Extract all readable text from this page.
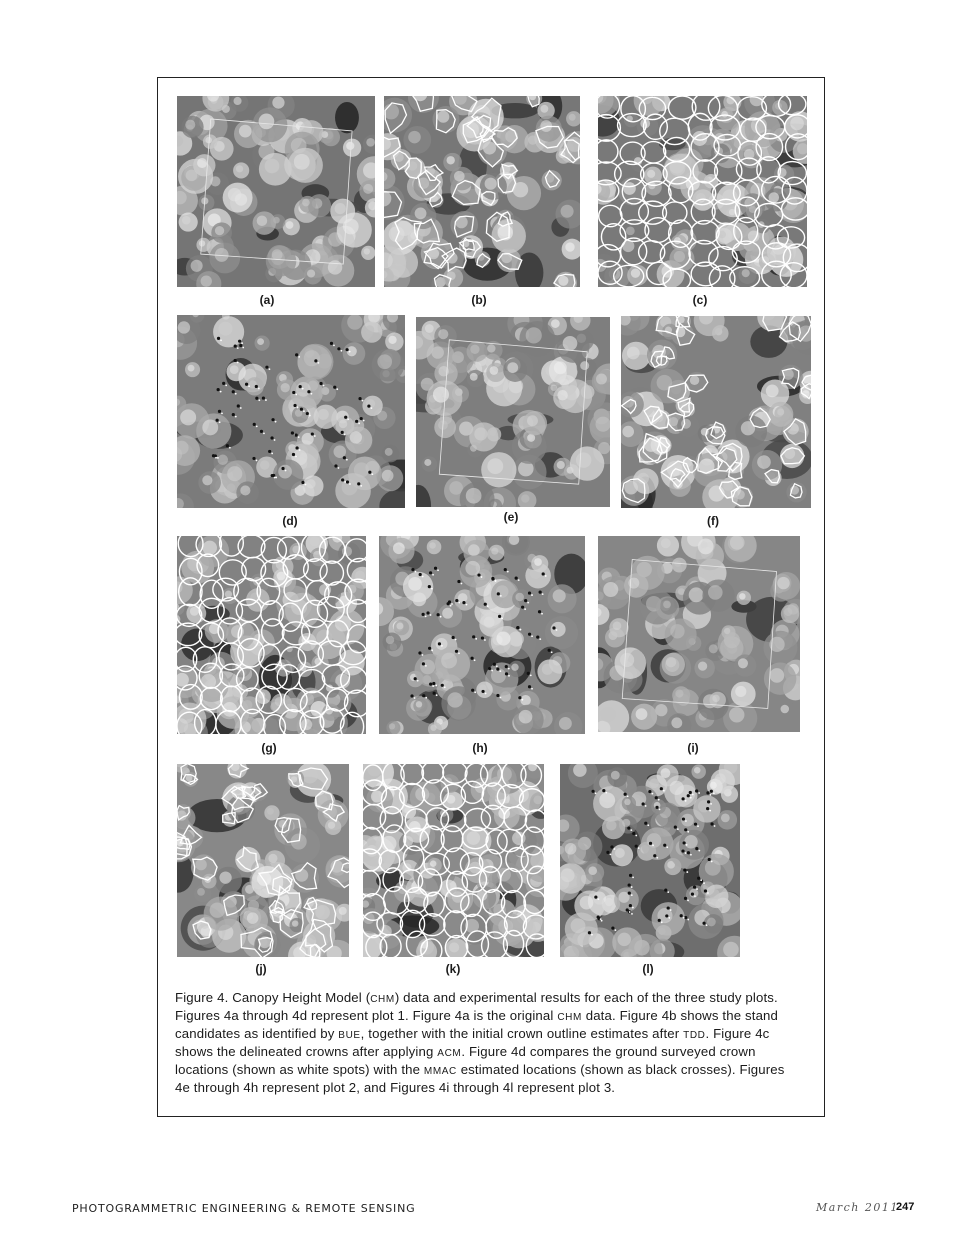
(a)	(b)	(c)
(d)	(e)	(f)
(g)	(h)	(i)
(j)	(k)	(l)
Figure 4. Canopy Height Model (CHM) data and experimental results for each of the three study plots. Figures 4a through 4d represent plot 1. Figure 4a is the original CHM data. Figure 4b shows the stand candidates as identified by BUE, together with the initial crown outline estimates after TDD. Figure 4c shows the delineated crowns after applying ACM. Figure 4d compares the ground surveyed crown locations (shown as white spots) with the MMAC estimated locations (shown as black crosses). Figures 4e through 4h represent plot 2, and Figures 4i through 4l represent plot 3.
PHOTOGRAMMETRIC ENGINEERING & REMOTE SENSING	March 2011
247
